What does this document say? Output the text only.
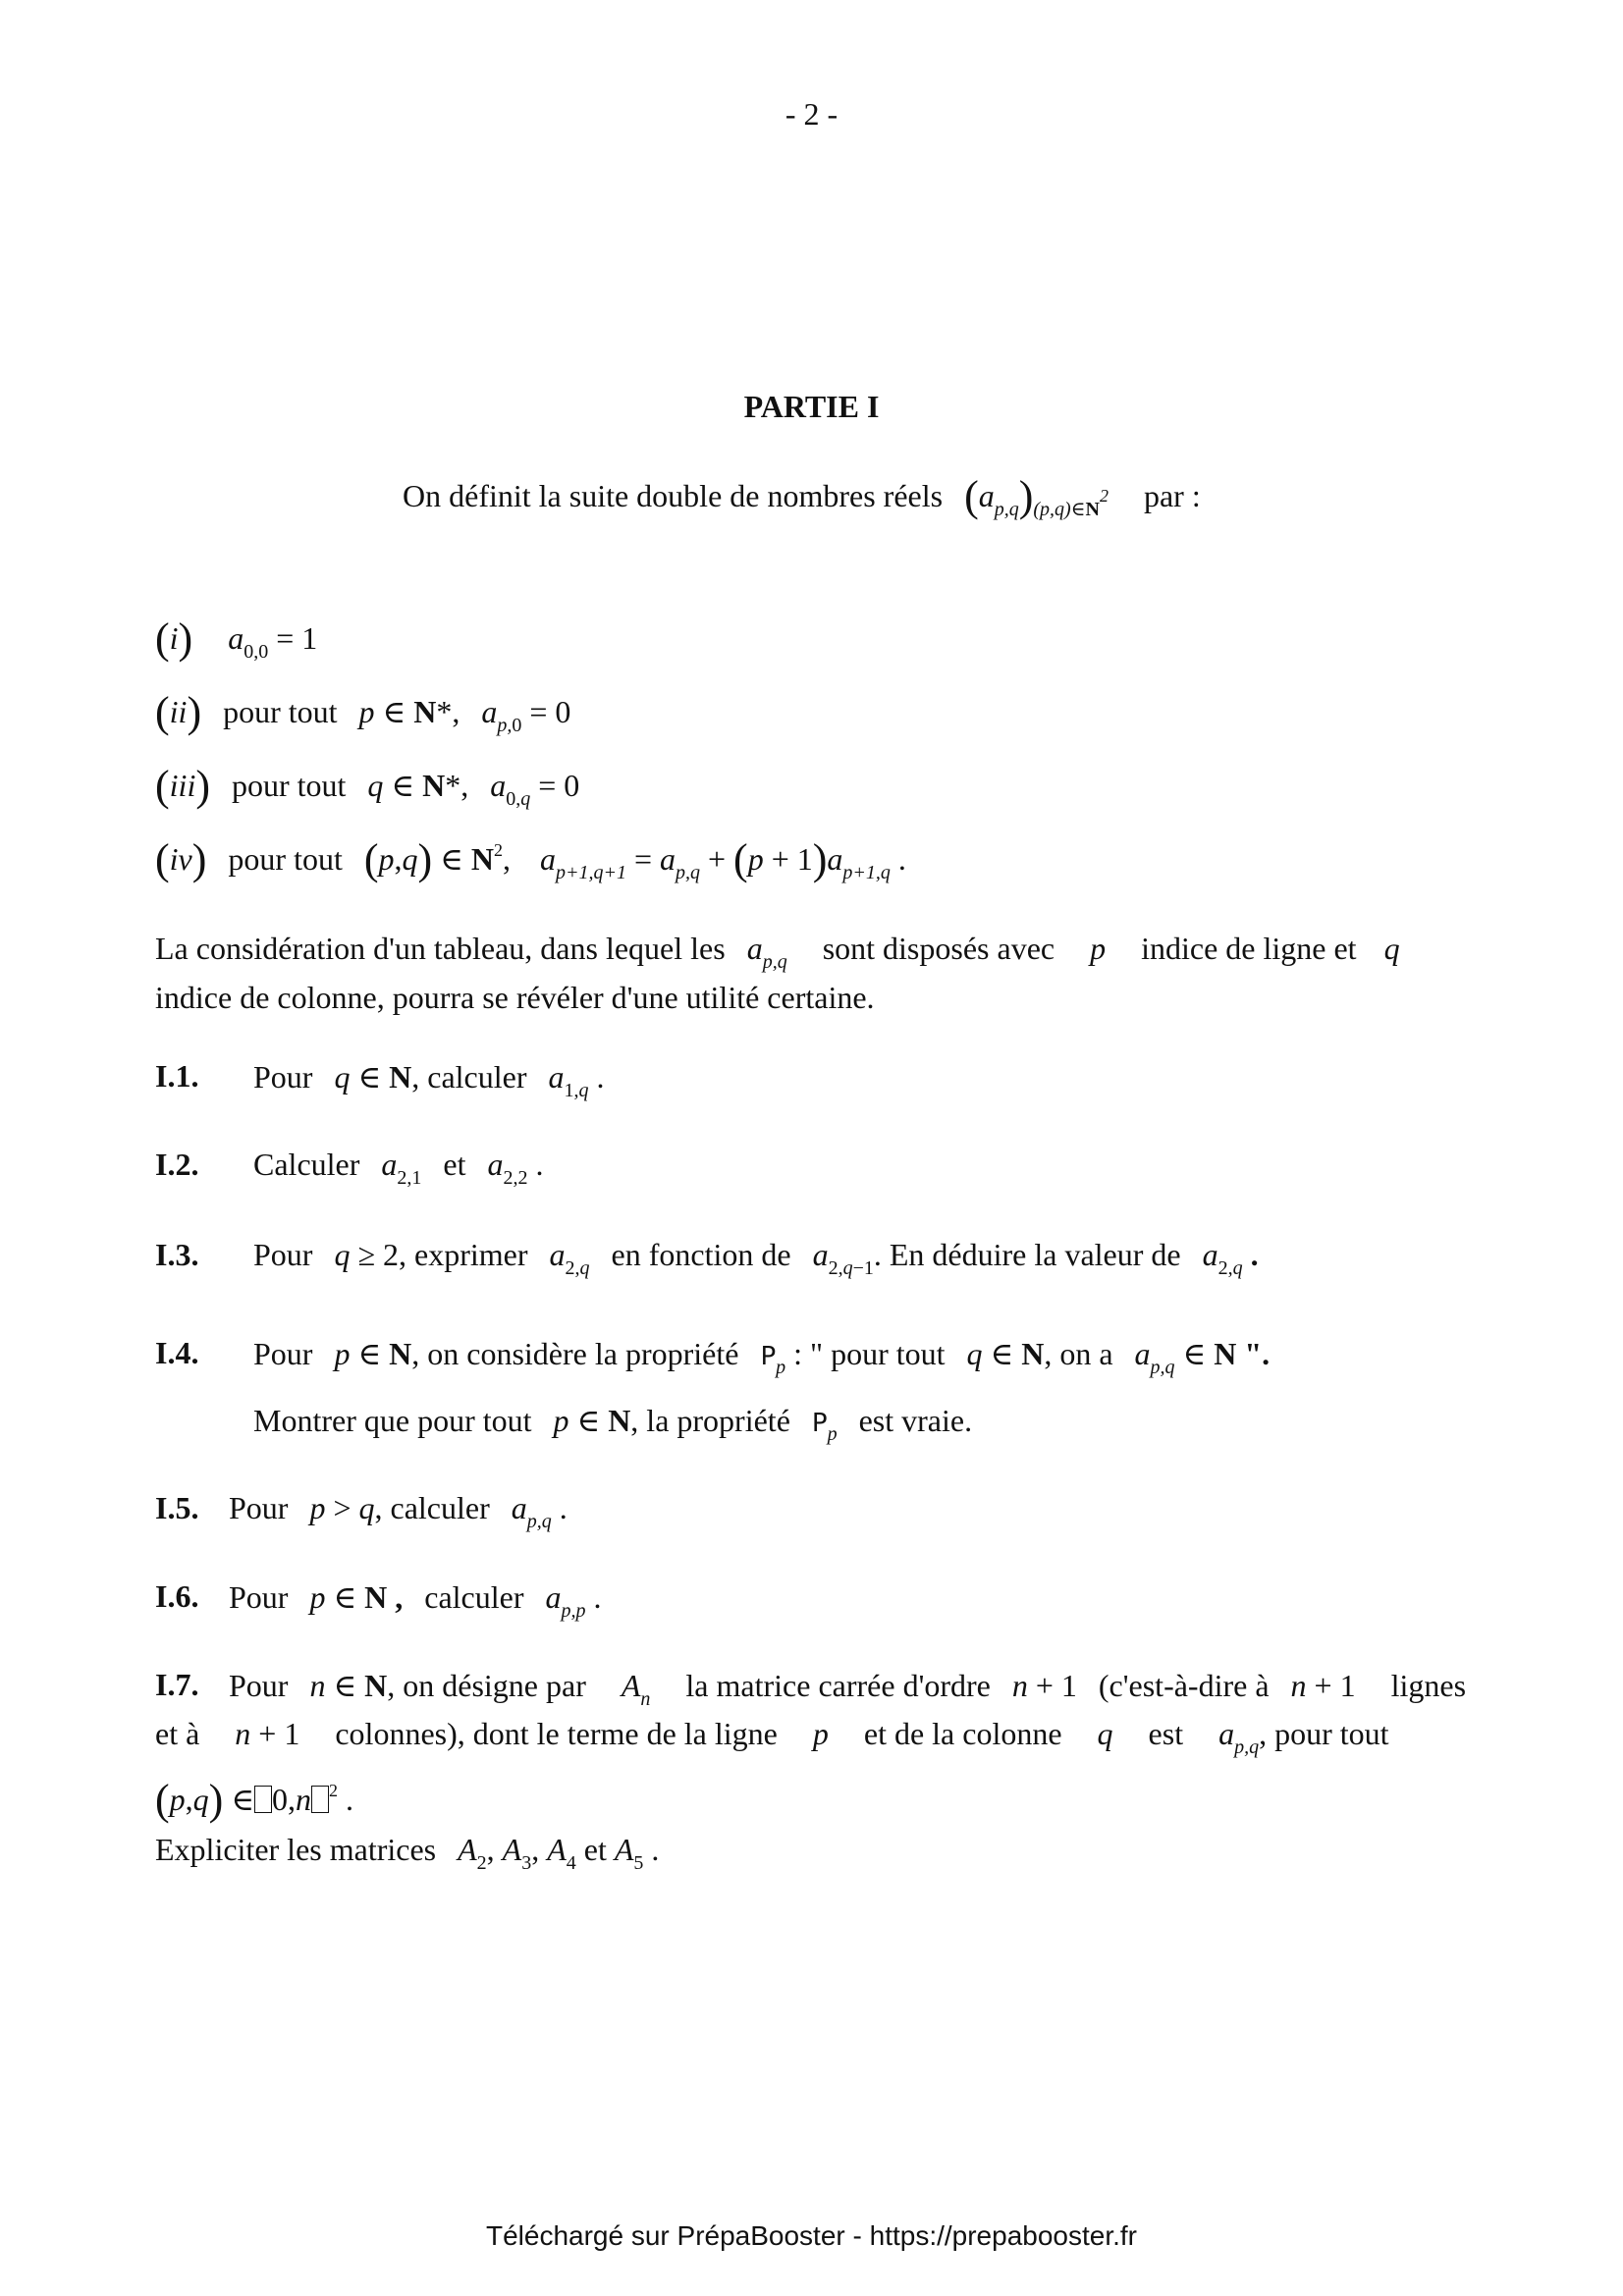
- 2 -
PARTIE I
On définit la suite double de nombres réels $(a_{p,q})_{(p,q)\in N2}$ par :
(i) $a_{0,0} = 1$
(ii) pour tout p ∈ N*, $a_{p,0} = 0$
(iii) pour tout q ∈ N*, $a_{0,q} = 0$
(iv) pour tout (p,q) ∈ $N^2$,  $a_{p+1,q+1} = a_{p,q} + (p + 1)a_{p+1,q}$ .
La considération d'un tableau, dans lequel les $a_{p,q}$ sont disposés avec p indice de ligne et q
indice de colonne, pourra se révéler d'une utilité certaine.
I.1. Pour q ∈ N, calculer $a_{1,q}$ .
I.2. Calculer $a_{2,1}$ et $a_{2,2}$ .
I.3. Pour q ≥ 2, exprimer $a_{2,q}$ en fonction de $a_{2,q-1}$. En déduire la valeur de $a_{2,q}$ .
I.4. Pour p ∈ N, on considère la propriété $P_p$ : " pour tout q ∈ N, on a $a_{p,q}$ ∈ N ".
Montrer que pour tout p ∈ N, la propriété $P_p$ est vraie.
I.5. Pour p > q, calculer $a_{p,q}$ .
I.6. Pour p ∈ N , calculer $a_{p,p}$ .
I.7. Pour n ∈ N, on désigne par $A_n$ la matrice carrée d'ordre n + 1 (c'est-à-dire à n + 1 lignes
et à n + 1 colonnes), dont le terme de la ligne p et de la colonne q est $a_{p,q}$, pour tout
(p,q) ∈ 0,n $^2$ .
Expliciter les matrices $A_2$, $A_3$, $A_4$ et $A_5$ .
Téléchargé sur PrépaBooster - https://prepabooster.fr
